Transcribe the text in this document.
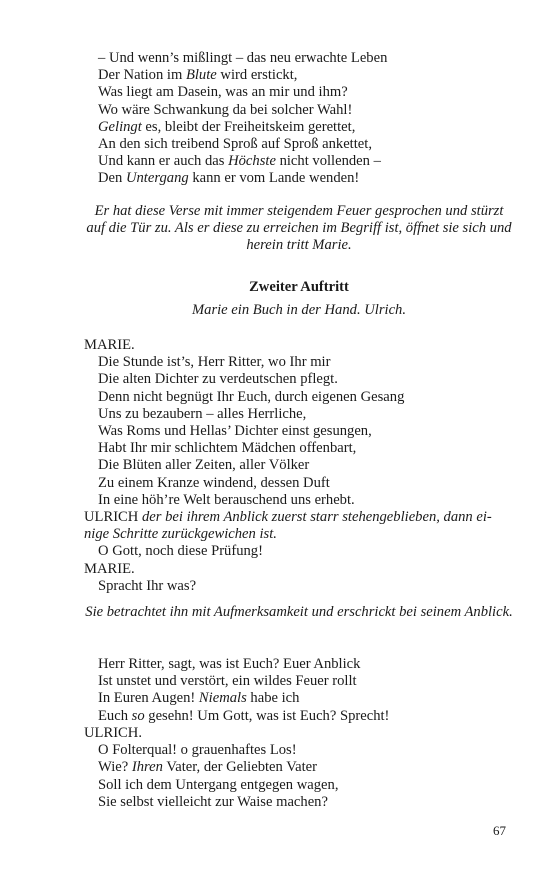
– Und wenn’s mißlingt – das neu erwachte Leben
Der Nation im Blute wird erstickt,
Was liegt am Dasein, was an mir und ihm?
Wo wäre Schwankung da bei solcher Wahl!
Gelingt es, bleibt der Freiheitskeim gerettet,
An den sich treibend Sproß auf Sproß ankettet,
Und kann er auch das Höchste nicht vollenden –
Den Untergang kann er vom Lande wenden!
Er hat diese Verse mit immer steigendem Feuer gesprochen und stürzt auf die Tür zu. Als er diese zu erreichen im Begriff ist, öffnet sie sich und herein tritt Marie.
Zweiter Auftritt
Marie ein Buch in der Hand. Ulrich.
MARIE.
Die Stunde ist’s, Herr Ritter, wo Ihr mir
Die alten Dichter zu verdeutschen pflegt.
Denn nicht begnügt Ihr Euch, durch eigenen Gesang
Uns zu bezaubern – alles Herrliche,
Was Roms und Hellas’ Dichter einst gesungen,
Habt Ihr mir schlichtem Mädchen offenbart,
Die Blüten aller Zeiten, aller Völker
Zu einem Kranze windend, dessen Duft
In eine höh’re Welt berauschend uns erhebt.
ULRICH der bei ihrem Anblick zuerst starr stehengeblieben, dann ei-
nige Schritte zurückgewichen ist.
O Gott, noch diese Prüfung!
MARIE.
Spracht Ihr was?
Sie betrachtet ihn mit Aufmerksamkeit und erschrickt bei seinem Anblick.
Herr Ritter, sagt, was ist Euch? Euer Anblick
Ist unstet und verstört, ein wildes Feuer rollt
In Euren Augen! Niemals habe ich
Euch so gesehn! Um Gott, was ist Euch? Sprecht!
ULRICH.
O Folterqual! o grauenhaftes Los!
Wie? Ihren Vater, der Geliebten Vater
Soll ich dem Untergang entgegen wagen,
Sie selbst vielleicht zur Waise machen?
67
